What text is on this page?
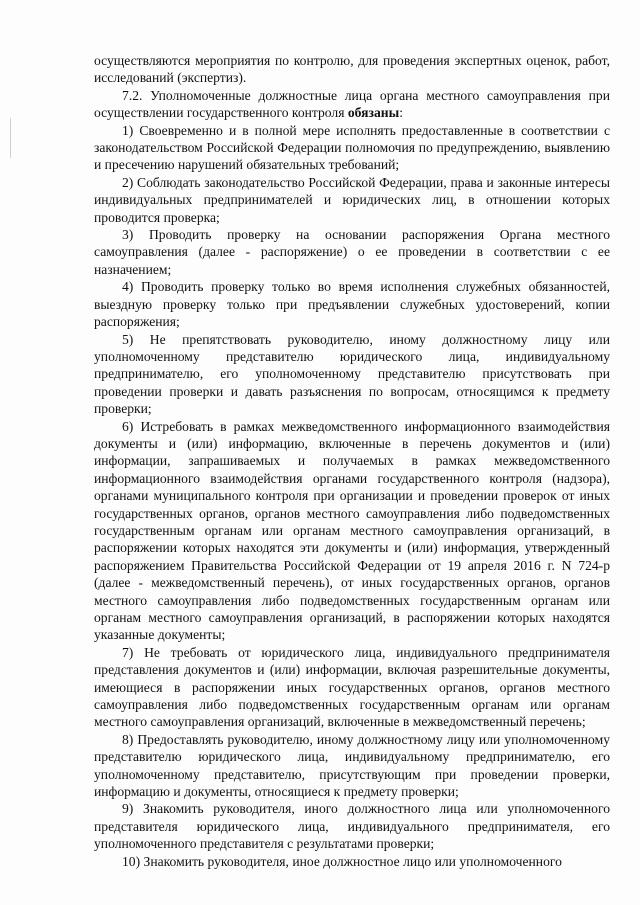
осуществляются мероприятия по контролю, для проведения экспертных оценок, работ, исследований (экспертиз).

7.2. Уполномоченные должностные лица органа местного самоуправления при осуществлении государственного контроля обязаны:

1) Своевременно и в полной мере исполнять предоставленные в соответствии с законодательством Российской Федерации полномочия по предупреждению, выявлению и пресечению нарушений обязательных требований;

2) Соблюдать законодательство Российской Федерации, права и законные интересы индивидуальных предпринимателей и юридических лиц, в отношении которых проводится проверка;

3) Проводить проверку на основании распоряжения Органа местного самоуправления (далее - распоряжение) о ее проведении в соответствии с ее назначением;

4) Проводить проверку только во время исполнения служебных обязанностей, выездную проверку только при предъявлении служебных удостоверений, копии распоряжения;

5) Не препятствовать руководителю, иному должностному лицу или уполномоченному представителю юридического лица, индивидуальному предпринимателю, его уполномоченному представителю присутствовать при проведении проверки и давать разъяснения по вопросам, относящимся к предмету проверки;

6) Истребовать в рамках межведомственного информационного взаимодействия документы и (или) информацию, включенные в перечень документов и (или) информации, запрашиваемых и получаемых в рамках межведомственного информационного взаимодействия органами государственного контроля (надзора), органами муниципального контроля при организации и проведении проверок от иных государственных органов, органов местного самоуправления либо подведомственных государственным органам или органам местного самоуправления организаций, в распоряжении которых находятся эти документы и (или) информация, утвержденный распоряжением Правительства Российской Федерации от 19 апреля 2016 г. N 724-р (далее - межведомственный перечень), от иных государственных органов, органов местного самоуправления либо подведомственных государственным органам или органам местного самоуправления организаций, в распоряжении которых находятся указанные документы;

7) Не требовать от юридического лица, индивидуального предпринимателя представления документов и (или) информации, включая разрешительные документы, имеющиеся в распоряжении иных государственных органов, органов местного самоуправления либо подведомственных государственным органам или органам местного самоуправления организаций, включенные в межведомственный перечень;

8) Предоставлять руководителю, иному должностному лицу или уполномоченному представителю юридического лица, индивидуальному предпринимателю, его уполномоченному представителю, присутствующим при проведении проверки, информацию и документы, относящиеся к предмету проверки;

9) Знакомить руководителя, иного должностного лица или уполномоченного представителя юридического лица, индивидуального предпринимателя, его уполномоченного представителя с результатами проверки;

10) Знакомить руководителя, иное должностное лицо или уполномоченного
